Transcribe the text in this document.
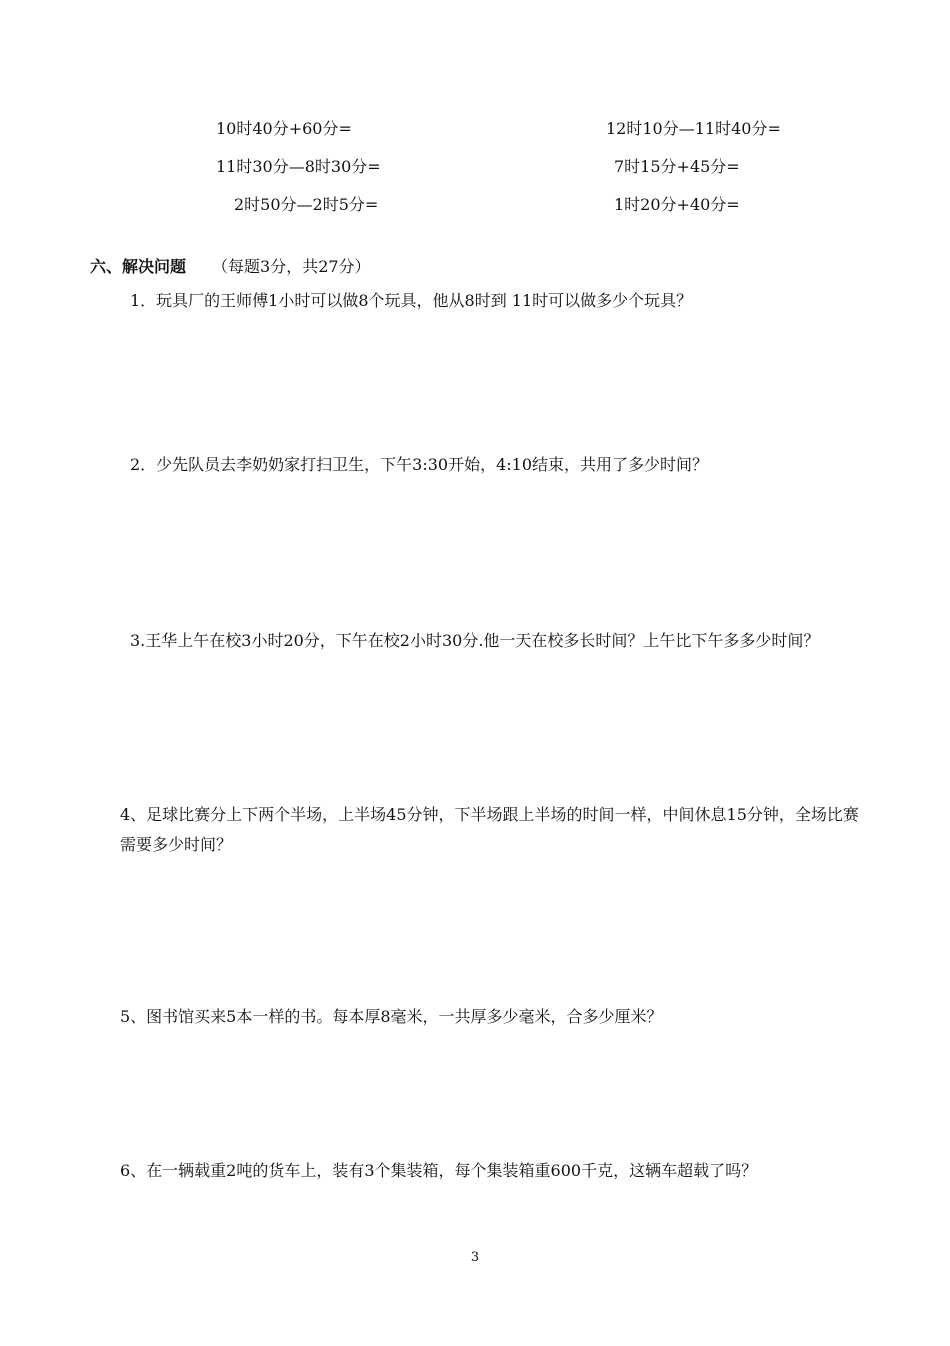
10时40分+60分=
11时30分—8时30分=
2时50分—2时5分=
12时10分—11时40分=
7时15分+45分=
1时20分+40分=
六、解决问题 （每题3分，共27分）
1．玩具厂的王师傅1小时可以做8个玩具，他从8时到 11时可以做多少个玩具？
2．少先队员去李奶奶家打扫卫生，下午3:30开始，4:10结束，共用了多少时间？
3.王华上午在校3小时20分，下午在校2小时30分.他一天在校多长时间？上午比下午多多少时间？
4、足球比赛分上下两个半场，上半场45分钟，下半场跟上半场的时间一样，中间休息15分钟，全场比赛需要多少时间？
5、图书馆买来5本一样的书。每本厚8毫米，一共厚多少毫米，合多少厘米？
6、在一辆载重2吨的货车上，装有3个集装箱，每个集装箱重600千克，这辆车超载了吗？
3
